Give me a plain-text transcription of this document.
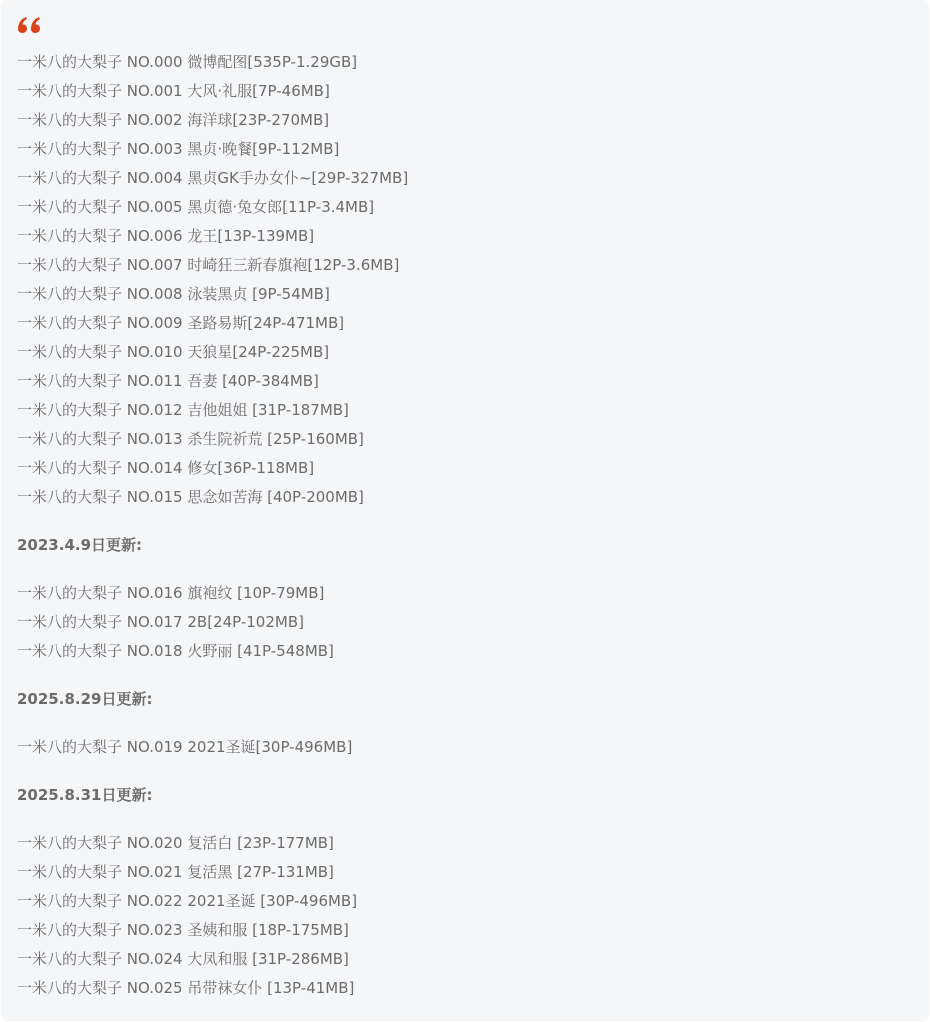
一米八的大梨子 NO.000 微博配图[535P-1.29GB]
一米八的大梨子 NO.001 大风·礼服[7P-46MB]
一米八的大梨子 NO.002 海洋球[23P-270MB]
一米八的大梨子 NO.003 黑贞·晚餐[9P-112MB]
一米八的大梨子 NO.004 黑贞GK手办女仆~[29P-327MB]
一米八的大梨子 NO.005 黑贞德·兔女郎[11P-3.4MB]
一米八的大梨子 NO.006 龙王[13P-139MB]
一米八的大梨子 NO.007 时崎狂三新春旗袍[12P-3.6MB]
一米八的大梨子 NO.008 泳装黑贞 [9P-54MB]
一米八的大梨子 NO.009 圣路易斯[24P-471MB]
一米八的大梨子 NO.010 天狼星[24P-225MB]
一米八的大梨子 NO.011 吾妻 [40P-384MB]
一米八的大梨子 NO.012 吉他姐姐 [31P-187MB]
一米八的大梨子 NO.013 杀生院祈荒 [25P-160MB]
一米八的大梨子 NO.014 修女[36P-118MB]
一米八的大梨子 NO.015 思念如苦海 [40P-200MB]
2023.4.9日更新:
一米八的大梨子 NO.016 旗袍纹 [10P-79MB]
一米八的大梨子 NO.017 2B[24P-102MB]
一米八的大梨子 NO.018 火野丽 [41P-548MB]
2025.8.29日更新:
一米八的大梨子 NO.019 2021圣诞[30P-496MB]
2025.8.31日更新:
一米八的大梨子 NO.020 复活白 [23P-177MB]
一米八的大梨子 NO.021 复活黑 [27P-131MB]
一米八的大梨子 NO.022 2021圣诞 [30P-496MB]
一米八的大梨子 NO.023 圣姨和服 [18P-175MB]
一米八的大梨子 NO.024 大凤和服 [31P-286MB]
一米八的大梨子 NO.025 吊带袜女仆 [13P-41MB]
